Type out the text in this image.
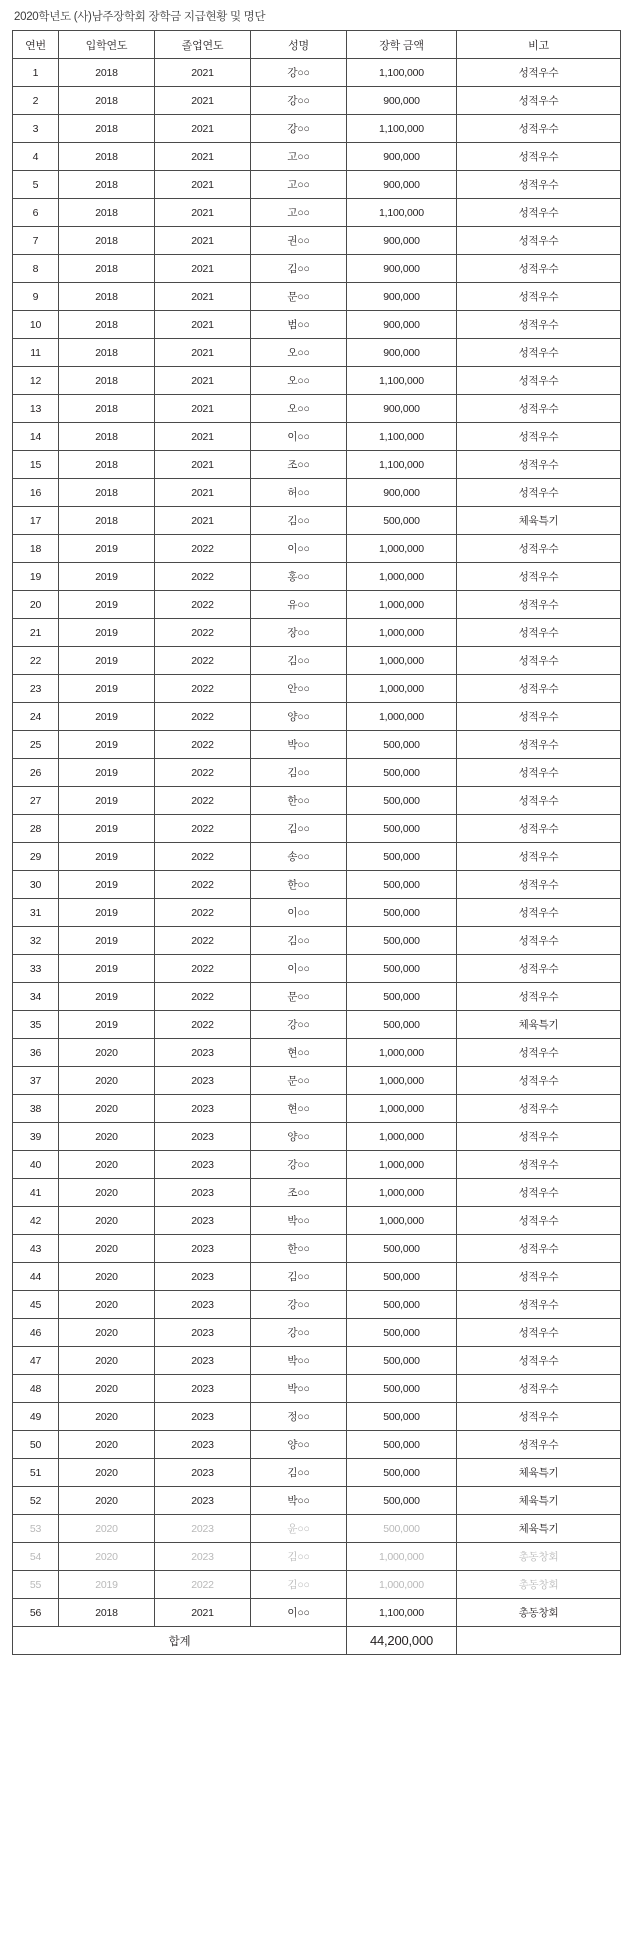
2020학년도 (사)남주장학회 장학금 지급현황 및 명단
연번	입학연도	졸업연도	성명	장학 금액	비고
1	2018	2021	강○○	1,100,000	성적우수
2	2018	2021	강○○	900,000	성적우수
3	2018	2021	강○○	1,100,000	성적우수
4	2018	2021	고○○	900,000	성적우수
5	2018	2021	고○○	900,000	성적우수
6	2018	2021	고○○	1,100,000	성적우수
7	2018	2021	권○○	900,000	성적우수
8	2018	2021	김○○	900,000	성적우수
9	2018	2021	문○○	900,000	성적우수
10	2018	2021	범○○	900,000	성적우수
11	2018	2021	오○○	900,000	성적우수
12	2018	2021	오○○	1,100,000	성적우수
13	2018	2021	오○○	900,000	성적우수
14	2018	2021	이○○	1,100,000	성적우수
15	2018	2021	조○○	1,100,000	성적우수
16	2018	2021	허○○	900,000	성적우수
17	2018	2021	김○○	500,000	체육특기
18	2019	2022	이○○	1,000,000	성적우수
19	2019	2022	홍○○	1,000,000	성적우수
20	2019	2022	유○○	1,000,000	성적우수
21	2019	2022	장○○	1,000,000	성적우수
22	2019	2022	김○○	1,000,000	성적우수
23	2019	2022	안○○	1,000,000	성적우수
24	2019	2022	양○○	1,000,000	성적우수
25	2019	2022	박○○	500,000	성적우수
26	2019	2022	김○○	500,000	성적우수
27	2019	2022	한○○	500,000	성적우수
28	2019	2022	김○○	500,000	성적우수
29	2019	2022	송○○	500,000	성적우수
30	2019	2022	한○○	500,000	성적우수
31	2019	2022	이○○	500,000	성적우수
32	2019	2022	김○○	500,000	성적우수
33	2019	2022	이○○	500,000	성적우수
34	2019	2022	문○○	500,000	성적우수
35	2019	2022	강○○	500,000	체육특기
36	2020	2023	현○○	1,000,000	성적우수
37	2020	2023	문○○	1,000,000	성적우수
38	2020	2023	현○○	1,000,000	성적우수
39	2020	2023	양○○	1,000,000	성적우수
40	2020	2023	강○○	1,000,000	성적우수
41	2020	2023	조○○	1,000,000	성적우수
42	2020	2023	박○○	1,000,000	성적우수
43	2020	2023	한○○	500,000	성적우수
44	2020	2023	김○○	500,000	성적우수
45	2020	2023	강○○	500,000	성적우수
46	2020	2023	강○○	500,000	성적우수
47	2020	2023	박○○	500,000	성적우수
48	2020	2023	박○○	500,000	성적우수
49	2020	2023	정○○	500,000	성적우수
50	2020	2023	양○○	500,000	성적우수
51	2020	2023	김○○	500,000	체육특기
52	2020	2023	박○○	500,000	체육특기
53	2020	2023	윤○○	500,000	체육특기
54	2020	2023	김○○	1,000,000	총동창회
55	2019	2022	김○○	1,000,000	총동창회
56	2018	2021	이○○	1,100,000	총동창회
합계				44,200,000	
